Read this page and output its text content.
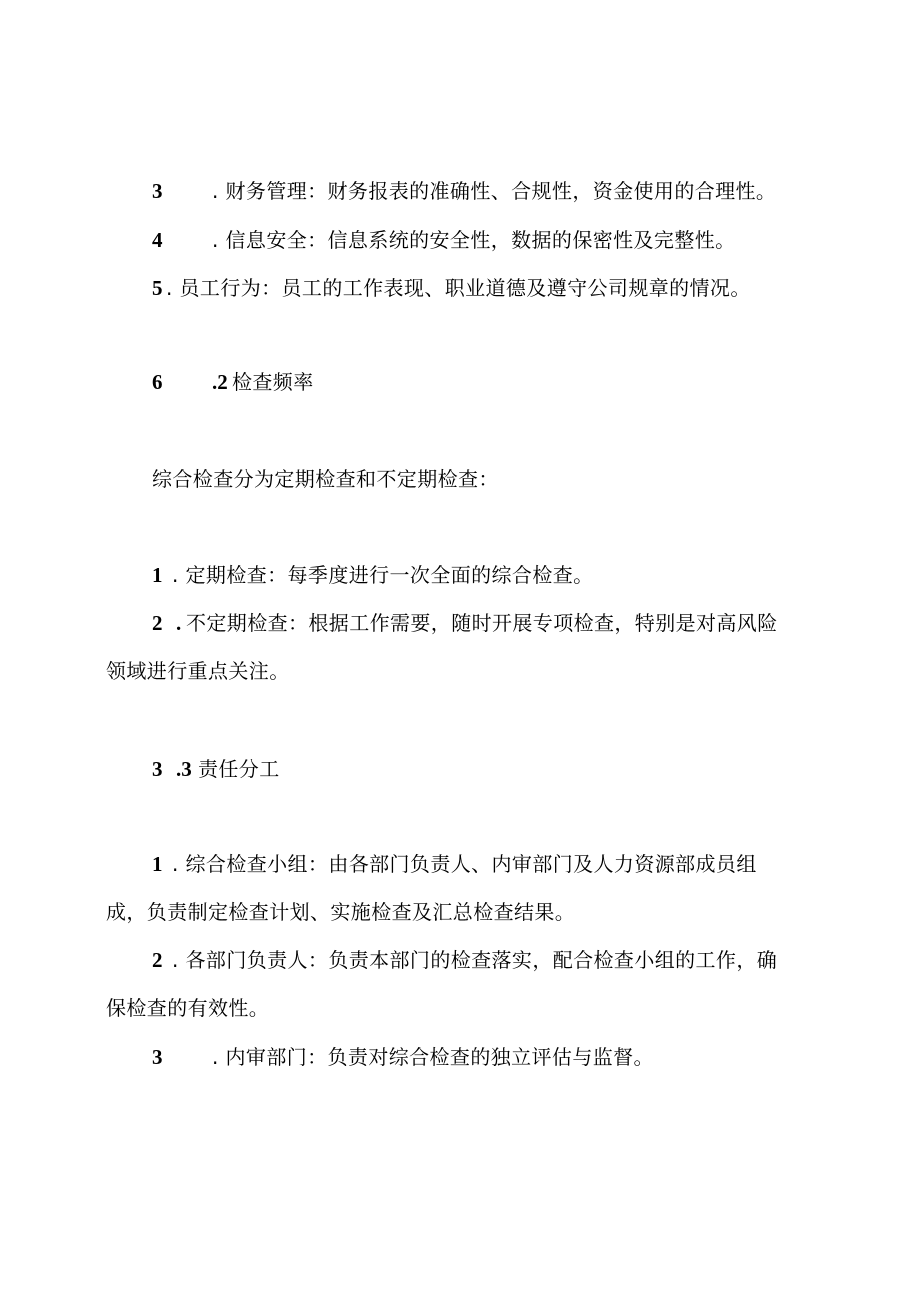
3 . 财务管理：财务报表的准确性、合规性，资金使用的合理性。
4 . 信息安全：信息系统的安全性，数据的保密性及完整性。
5 . 员工行为：员工的工作表现、职业道德及遵守公司规章的情况。
6 .2 检查频率
综合检查分为定期检查和不定期检查：
1 . 定期检查：每季度进行一次全面的综合检查。
2 . 不定期检查：根据工作需要，随时开展专项检查，特别是对高风险
领域进行重点关注。
3 .3 责任分工
1 . 综合检查小组：由各部门负责人、内审部门及人力资源部成员组
成，负责制定检查计划、实施检查及汇总检查结果。
2 . 各部门负责人：负责本部门的检查落实，配合检查小组的工作，确
保检查的有效性。
3 . 内审部门：负责对综合检查的独立评估与监督。
